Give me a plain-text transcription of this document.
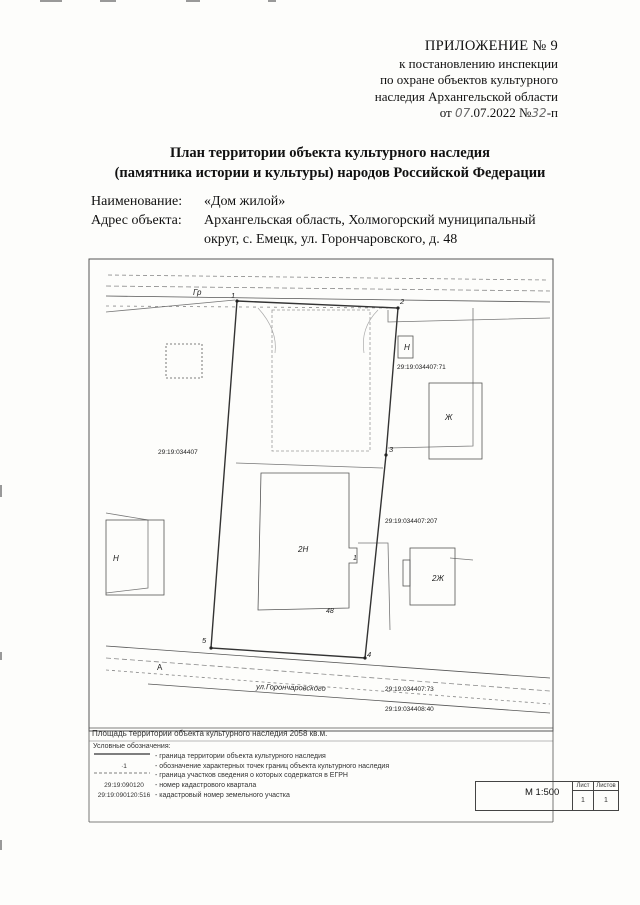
ПРИЛОЖЕНИЕ № 9
к постановлению инспекции
по охране объектов культурного
наследия Архангельской области
от 07.07.2022 №32-п
План территории объекта культурного наследия
(памятника истории и культуры) народов Российской Федерации
Наименование:	«Дом жилой»
Адрес объекта:	Архангельская область, Холмогорский муниципальный
округ, с. Емецк, ул. Горончаровского, д. 48
Гр
А
ул.Горончаровского
Н
Ж
2Н
Н
2Ж
48
1
29:19:034407
29:19:034407:71
29:19:034407:207
29:19:034407:73
29:19:034408:40
1
2
3
4
5
Площадь территории объекта культурного наследия 2058 кв.м.
Условные обозначения:
- граница территории объекта культурного наследия
·1	- обозначение характерных точек границ объекта культурного наследия
- граница участков сведения о которых содержатся в ЕГРН
29:19:090120	- номер кадастрового квартала
29:19:090120:516 - кадастровый номер земельного участка
	Лист	Листов
	1	1
М 1:500
